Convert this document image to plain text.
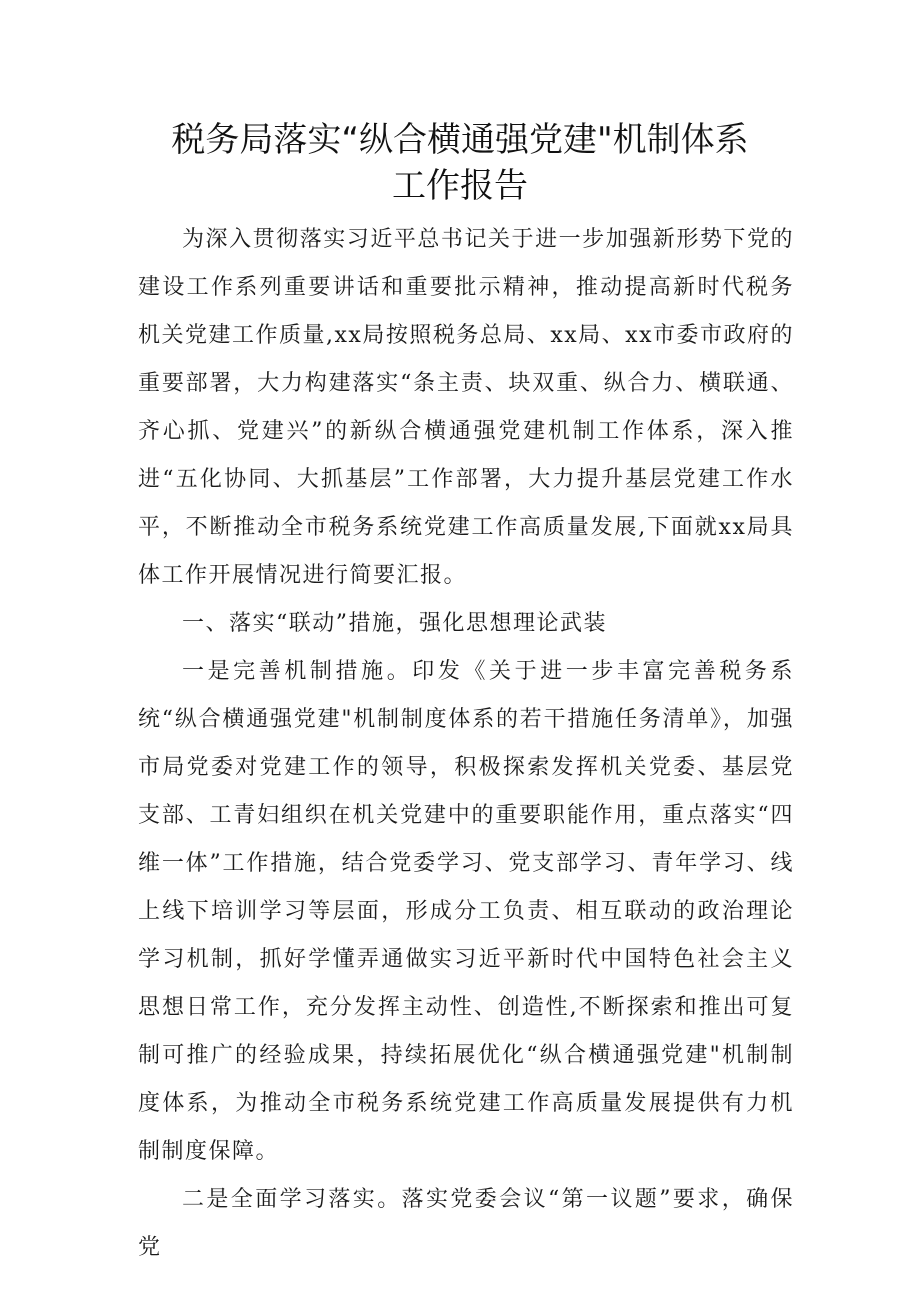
税务局落实“纵合横通强党建"机制体系
工作报告

为深入贯彻落实习近平总书记关于进一步加强新形势下党的建设工作系列重要讲话和重要批示精神，推动提高新时代税务机关党建工作质量,xx局按照税务总局、xx局、xx市委市政府的重要部署，大力构建落实“条主责、块双重、纵合力、横联通、齐心抓、党建兴”的新纵合横通强党建机制工作体系，深入推进“五化协同、大抓基层”工作部署，大力提升基层党建工作水平，不断推动全市税务系统党建工作高质量发展,下面就xx局具体工作开展情况进行简要汇报。

一、落实“联动”措施，强化思想理论武装

一是完善机制措施。印发《关于进一步丰富完善税务系统“纵合横通强党建"机制制度体系的若干措施任务清单》，加强市局党委对党建工作的领导，积极探索发挥机关党委、基层党支部、工青妇组织在机关党建中的重要职能作用，重点落实“四维一体”工作措施，结合党委学习、党支部学习、青年学习、线上线下培训学习等层面，形成分工负责、相互联动的政治理论学习机制，抓好学懂弄通做实习近平新时代中国特色社会主义思想日常工作，充分发挥主动性、创造性,不断探索和推出可复制可推广的经验成果，持续拓展优化“纵合横通强党建"机制制度体系，为推动全市税务系统党建工作高质量发展提供有力机制制度保障。

二是全面学习落实。落实党委会议“第一议题”要求，确保党
